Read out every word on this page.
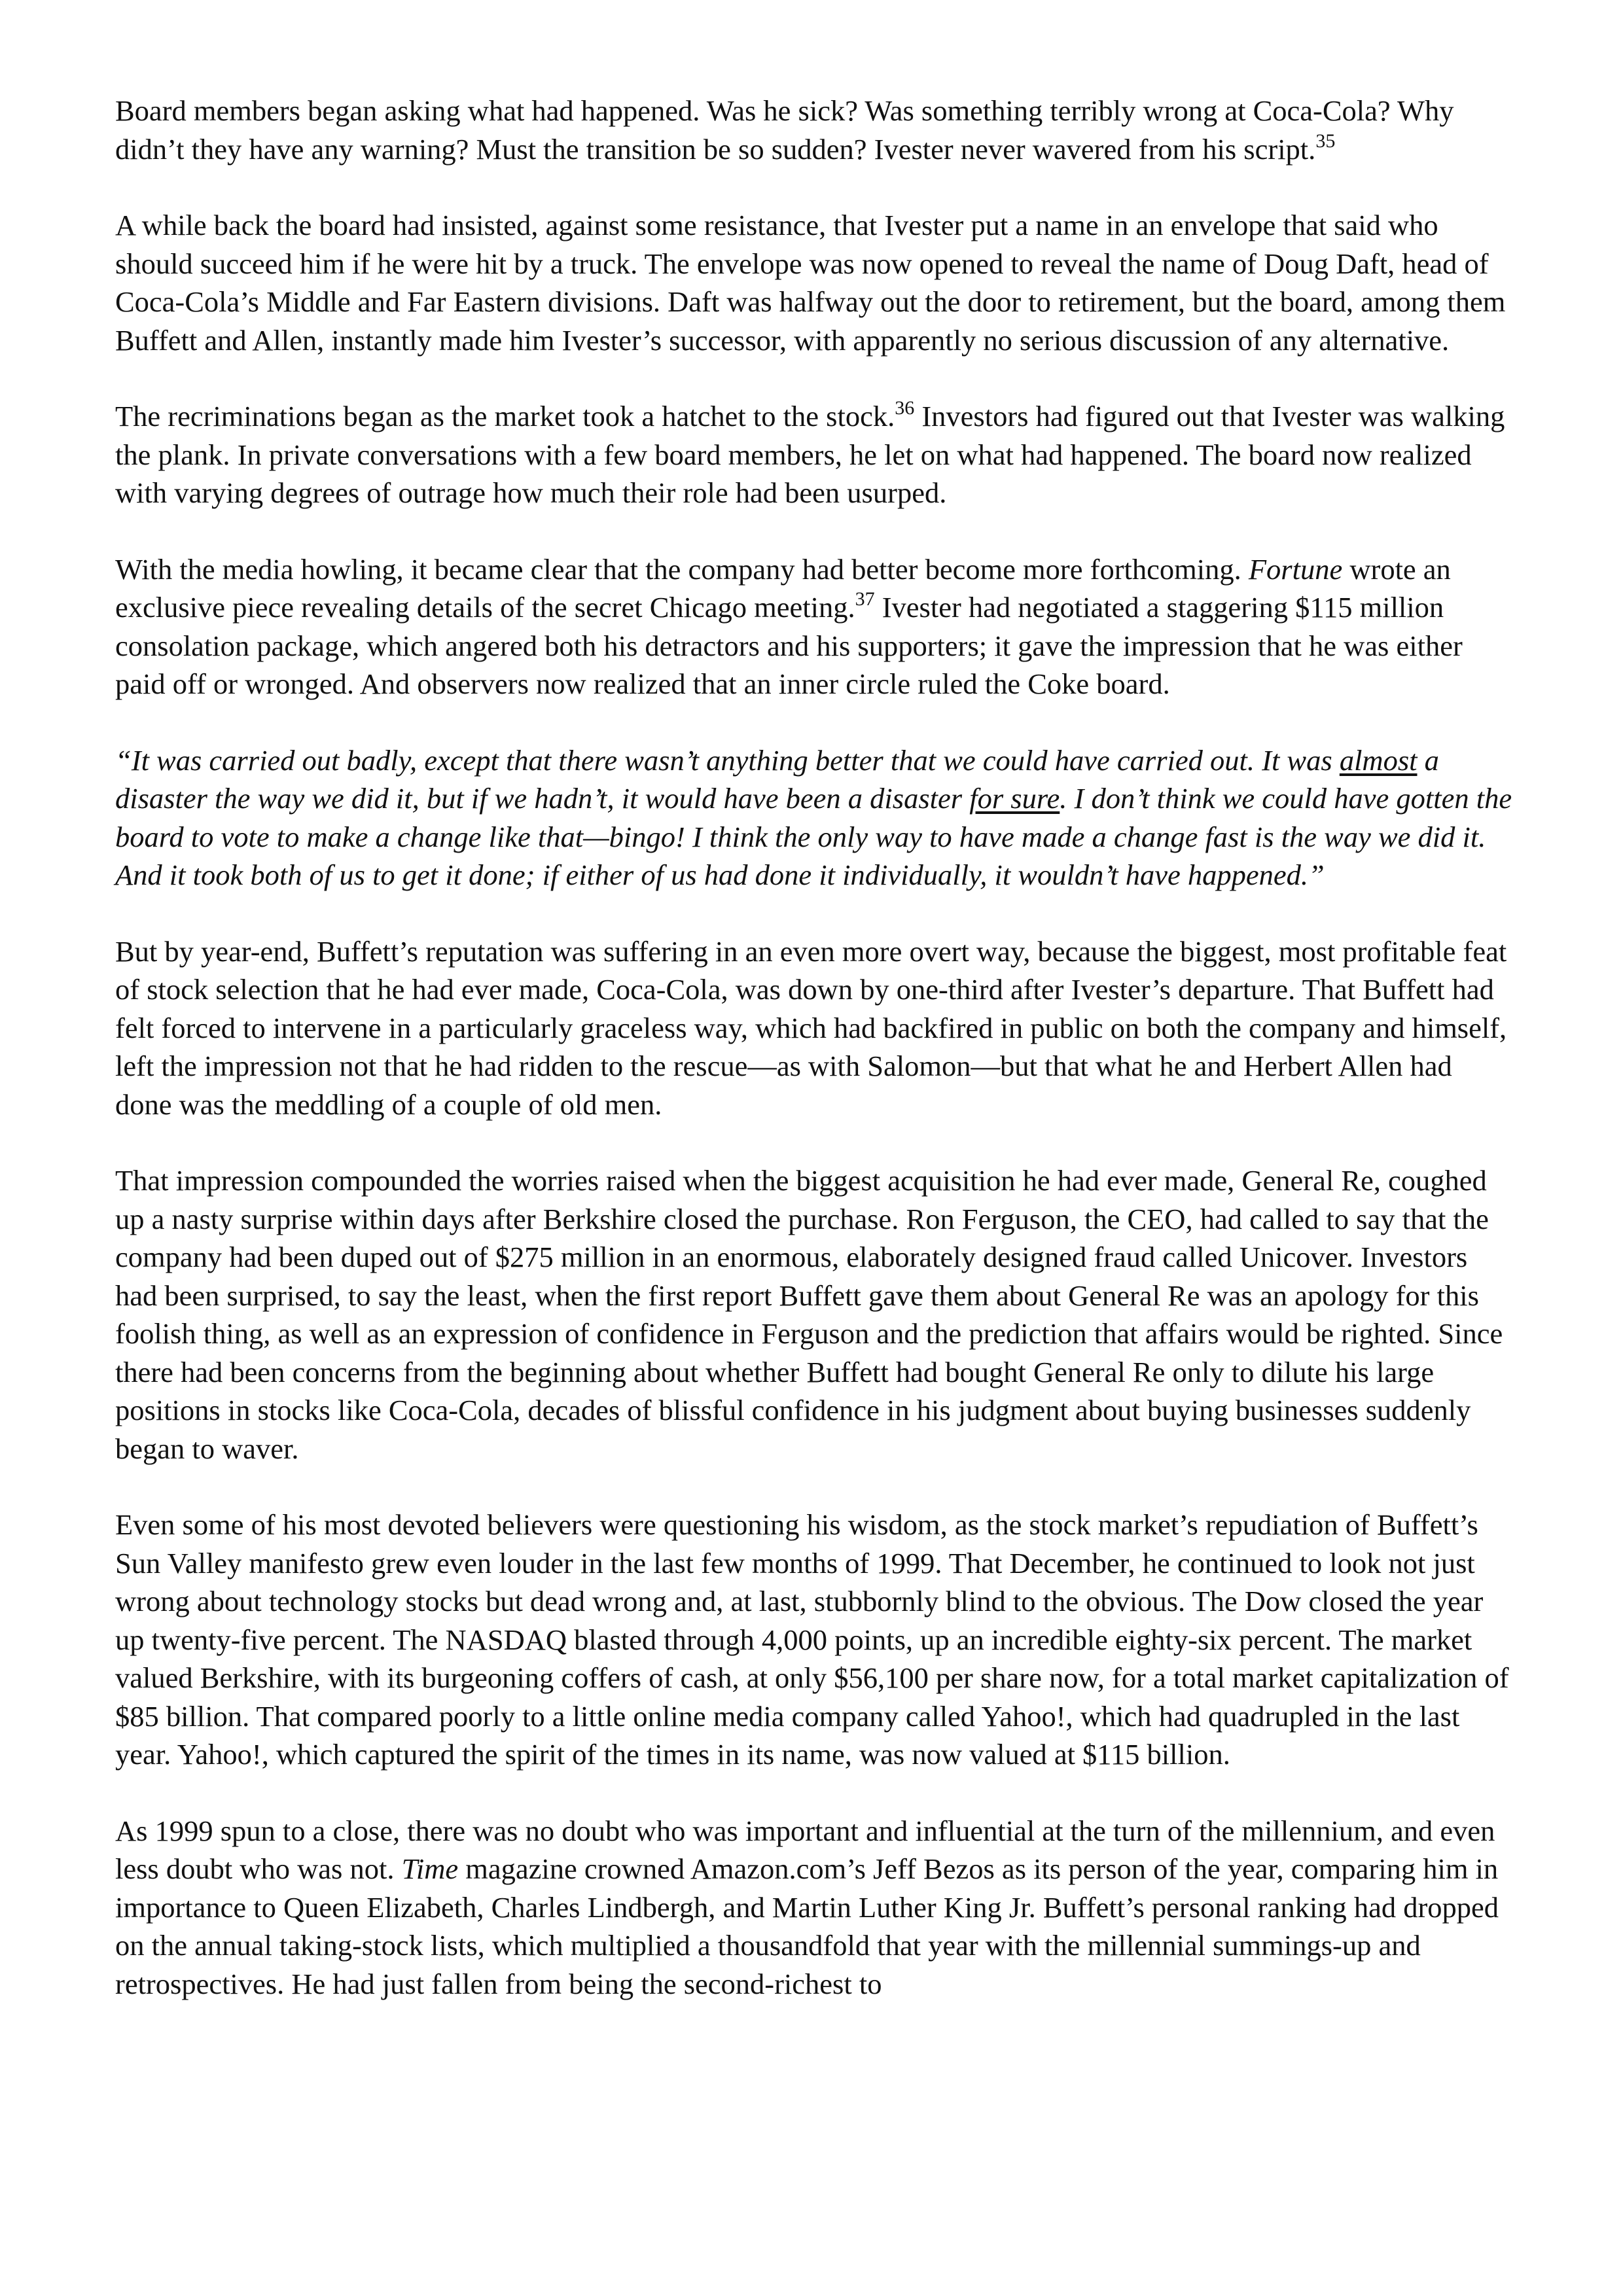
Board members began asking what had happened. Was he sick? Was something terribly wrong at Coca-Cola? Why didn’t they have any warning? Must the transition be so sudden? Ivester never wavered from his script.$^{35}$

A while back the board had insisted, against some resistance, that Ivester put a name in an envelope that said who should succeed him if he were hit by a truck. The envelope was now opened to reveal the name of Doug Daft, head of Coca-Cola’s Middle and Far Eastern divisions. Daft was halfway out the door to retirement, but the board, among them Buffett and Allen, instantly made him Ivester’s successor, with apparently no serious discussion of any alternative.

The recriminations began as the market took a hatchet to the stock.$^{36}$ Investors had figured out that Ivester was walking the plank. In private conversations with a few board members, he let on what had happened. The board now realized with varying degrees of outrage how much their role had been usurped.

With the media howling, it became clear that the company had better become more forthcoming. Fortune wrote an exclusive piece revealing details of the secret Chicago meeting.$^{37}$ Ivester had negotiated a staggering $115 million consolation package, which angered both his detractors and his supporters; it gave the impression that he was either paid off or wronged. And observers now realized that an inner circle ruled the Coke board.

“It was carried out badly, except that there wasn’t anything better that we could have carried out. It was almost a disaster the way we did it, but if we hadn’t, it would have been a disaster for sure. I don’t think we could have gotten the board to vote to make a change like that—bingo! I think the only way to have made a change fast is the way we did it. And it took both of us to get it done; if either of us had done it individually, it wouldn’t have happened.”

But by year-end, Buffett’s reputation was suffering in an even more overt way, because the biggest, most profitable feat of stock selection that he had ever made, Coca-Cola, was down by one-third after Ivester’s departure. That Buffett had felt forced to intervene in a particularly graceless way, which had backfired in public on both the company and himself, left the impression not that he had ridden to the rescue—as with Salomon—but that what he and Herbert Allen had done was the meddling of a couple of old men.

That impression compounded the worries raised when the biggest acquisition he had ever made, General Re, coughed up a nasty surprise within days after Berkshire closed the purchase. Ron Ferguson, the CEO, had called to say that the company had been duped out of $275 million in an enormous, elaborately designed fraud called Unicover. Investors had been surprised, to say the least, when the first report Buffett gave them about General Re was an apology for this foolish thing, as well as an expression of confidence in Ferguson and the prediction that affairs would be righted. Since there had been concerns from the beginning about whether Buffett had bought General Re only to dilute his large positions in stocks like Coca-Cola, decades of blissful confidence in his judgment about buying businesses suddenly began to waver.

Even some of his most devoted believers were questioning his wisdom, as the stock market’s repudiation of Buffett’s Sun Valley manifesto grew even louder in the last few months of 1999. That December, he continued to look not just wrong about technology stocks but dead wrong and, at last, stubbornly blind to the obvious. The Dow closed the year up twenty-five percent. The NASDAQ blasted through 4,000 points, up an incredible eighty-six percent. The market valued Berkshire, with its burgeoning coffers of cash, at only $56,100 per share now, for a total market capitalization of $85 billion. That compared poorly to a little online media company called Yahoo!, which had quadrupled in the last year. Yahoo!, which captured the spirit of the times in its name, was now valued at $115 billion.

As 1999 spun to a close, there was no doubt who was important and influential at the turn of the millennium, and even less doubt who was not. Time magazine crowned Amazon.com’s Jeff Bezos as its person of the year, comparing him in importance to Queen Elizabeth, Charles Lindbergh, and Martin Luther King Jr. Buffett’s personal ranking had dropped on the annual taking-stock lists, which multiplied a thousandfold that year with the millennial summings-up and retrospectives. He had just fallen from being the second-richest to
